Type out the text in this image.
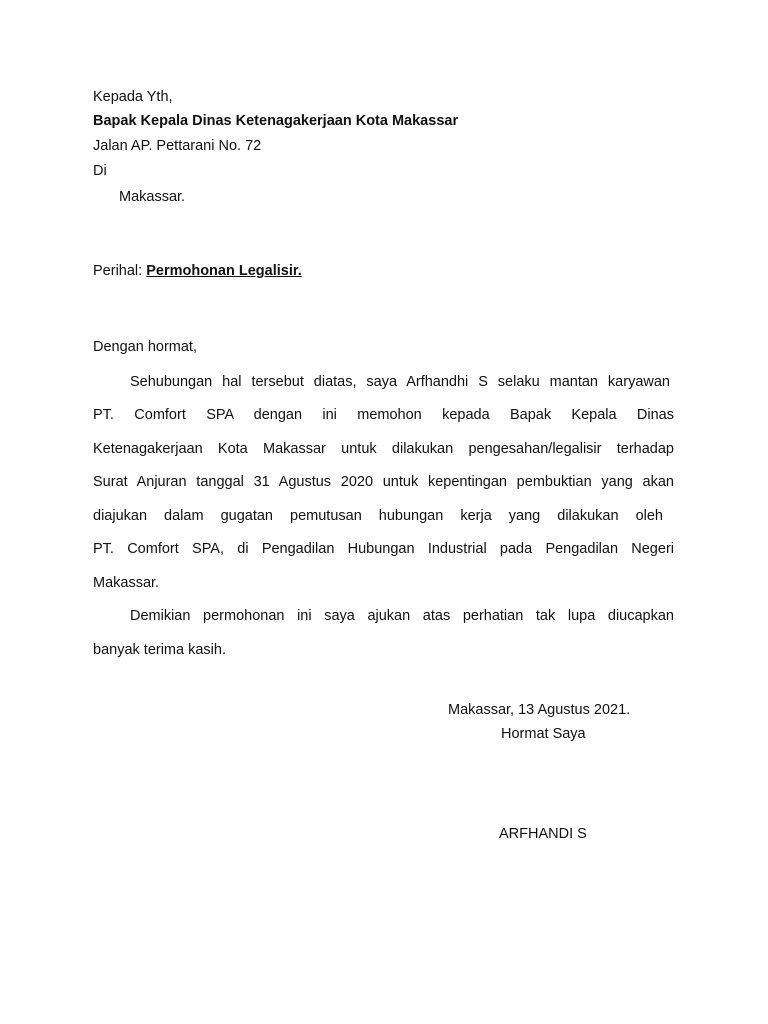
Kepada Yth,
Bapak Kepala Dinas Ketenagakerjaan Kota Makassar
Jalan AP. Pettarani No. 72
Di
Makassar.
Perihal: Permohonan Legalisir.
Dengan hormat,
Sehubungan hal tersebut diatas, saya Arfhandhi S selaku mantan karyawan
PT. Comfort SPA dengan ini memohon kepada Bapak Kepala Dinas
Ketenagakerjaan Kota Makassar untuk dilakukan pengesahan/legalisir terhadap
Surat Anjuran tanggal 31 Agustus 2020 untuk kepentingan pembuktian yang akan
diajukan dalam gugatan pemutusan hubungan kerja yang dilakukan oleh
PT. Comfort SPA, di Pengadilan Hubungan Industrial pada Pengadilan Negeri
Makassar.
Demikian permohonan ini saya ajukan atas perhatian tak lupa diucapkan
banyak terima kasih.
Makassar, 13 Agustus 2021.
Hormat Saya
ARFHANDI S
